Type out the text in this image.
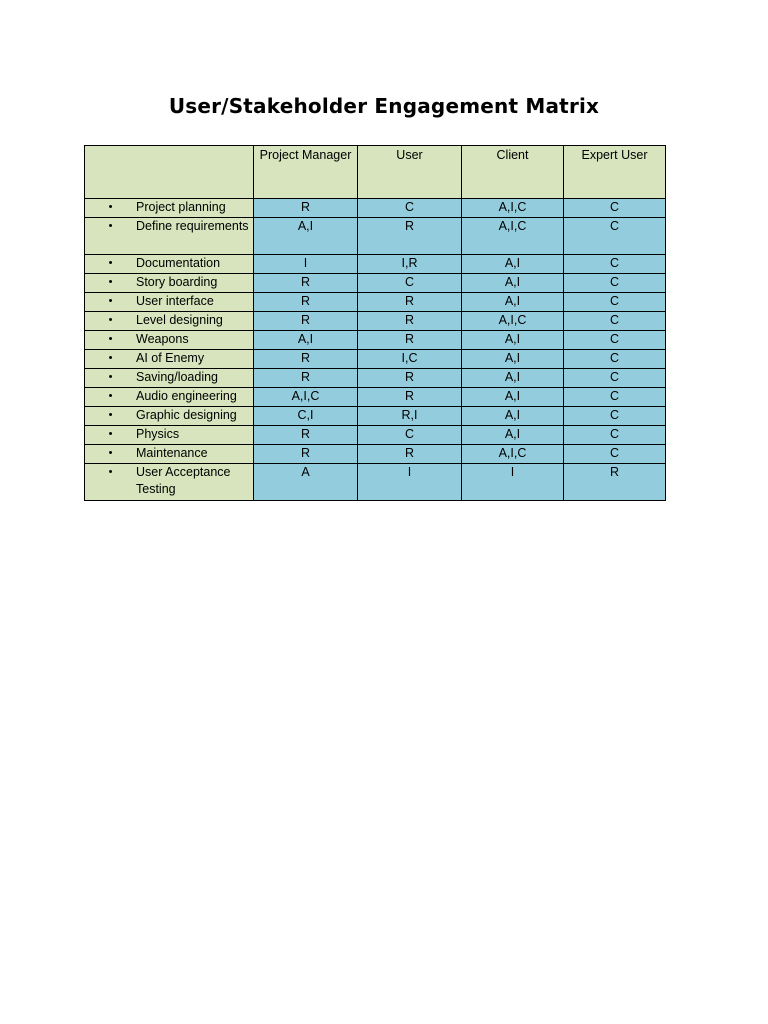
User/Stakeholder Engagement Matrix
	Project Manager	User	Client	Expert User

• Project planning	R	C	A,I,C	C

• Define requirements	A,I	R	A,I,C	C

• Documentation	I	I,R	A,I	C

• Story boarding	R	C	A,I	C

• User interface	R	R	A,I	C

• Level designing	R	R	A,I,C	C

• Weapons	A,I	R	A,I	C

• AI of Enemy	R	I,C	A,I	C

• Saving/loading	R	R	A,I	C

• Audio engineering	A,I,C	R	A,I	C

• Graphic designing	C,I	R,I	A,I	C

• Physics	R	C	A,I	C

• Maintenance	R	R	A,I,C	C

• User Acceptance Testing	A	I	I	R
